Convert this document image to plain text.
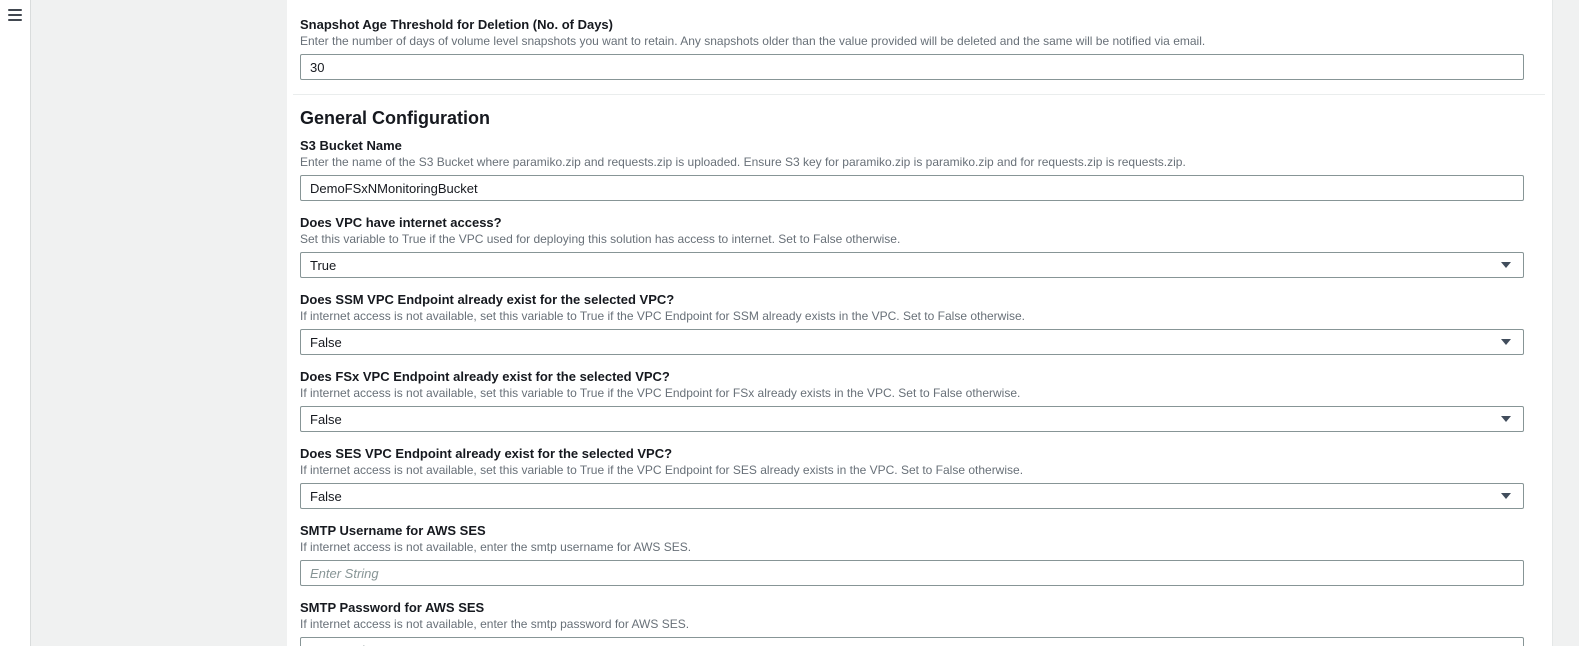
Snapshot Age Threshold for Deletion (No. of Days)
Enter the number of days of volume level snapshots you want to retain. Any snapshots older than the value provided will be deleted and the same will be notified via email.
30
General Configuration
S3 Bucket Name
Enter the name of the S3 Bucket where paramiko.zip and requests.zip is uploaded. Ensure S3 key for paramiko.zip is paramiko.zip and for requests.zip is requests.zip.
DemoFSxNMonitoringBucket
Does VPC have internet access?
Set this variable to True if the VPC used for deploying this solution has access to internet. Set to False otherwise.
True
Does SSM VPC Endpoint already exist for the selected VPC?
If internet access is not available, set this variable to True if the VPC Endpoint for SSM already exists in the VPC. Set to False otherwise.
False
Does FSx VPC Endpoint already exist for the selected VPC?
If internet access is not available, set this variable to True if the VPC Endpoint for FSx already exists in the VPC. Set to False otherwise.
False
Does SES VPC Endpoint already exist for the selected VPC?
If internet access is not available, set this variable to True if the VPC Endpoint for SES already exists in the VPC. Set to False otherwise.
False
SMTP Username for AWS SES
If internet access is not available, enter the smtp username for AWS SES.
Enter String
SMTP Password for AWS SES
If internet access is not available, enter the smtp password for AWS SES.
Enter String
